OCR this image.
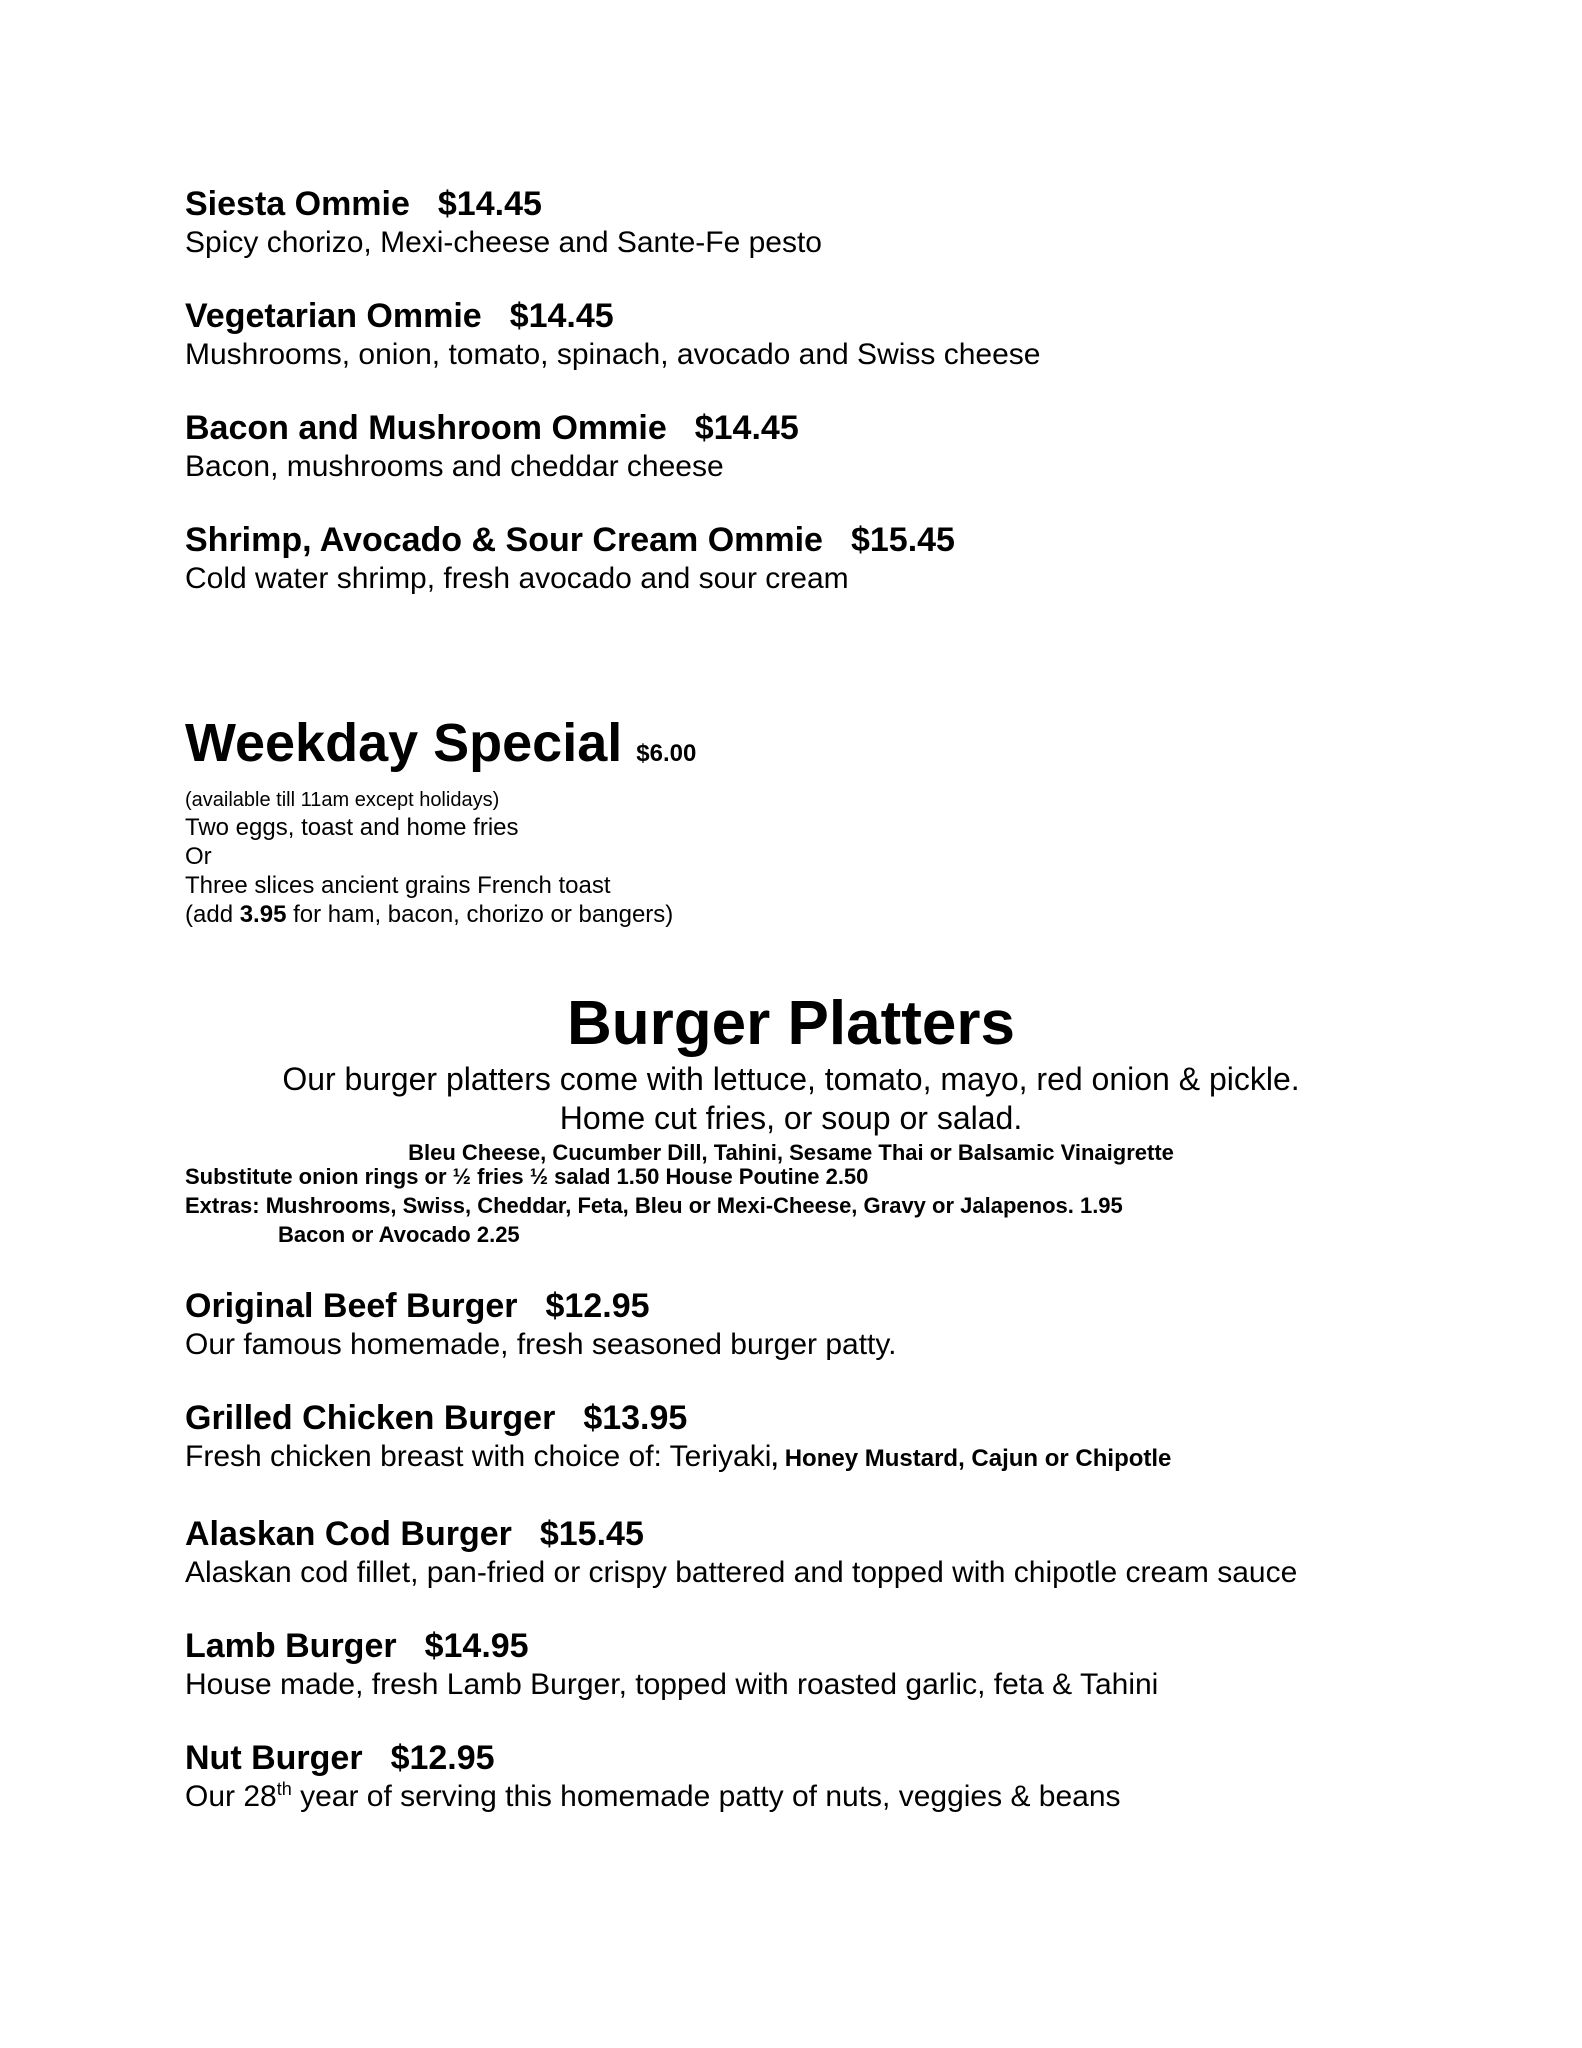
Siesta Ommie $14.45
Spicy chorizo, Mexi-cheese and Sante-Fe pesto
Vegetarian Ommie $14.45
Mushrooms, onion, tomato, spinach, avocado and Swiss cheese
Bacon and Mushroom Ommie $14.45
Bacon, mushrooms and cheddar cheese
Shrimp, Avocado & Sour Cream Ommie $15.45
Cold water shrimp, fresh avocado and sour cream
Weekday Special $6.00
(available till 11am except holidays)
Two eggs, toast and home fries
Or
Three slices ancient grains French toast
(add 3.95 for ham, bacon, chorizo or bangers)
Burger Platters
Our burger platters come with lettuce, tomato, mayo, red onion & pickle.
Home cut fries, or soup or salad.
Bleu Cheese, Cucumber Dill, Tahini, Sesame Thai or Balsamic Vinaigrette
Substitute onion rings or ½ fries ½ salad 1.50 House Poutine 2.50
Extras: Mushrooms, Swiss, Cheddar, Feta, Bleu or Mexi-Cheese, Gravy or Jalapenos. 1.95
Bacon or Avocado 2.25
Original Beef Burger $12.95
Our famous homemade, fresh seasoned burger patty.
Grilled Chicken Burger $13.95
Fresh chicken breast with choice of: Teriyaki, Honey Mustard, Cajun or Chipotle
Alaskan Cod Burger $15.45
Alaskan cod fillet, pan-fried or crispy battered and topped with chipotle cream sauce
Lamb Burger $14.95
House made, fresh Lamb Burger, topped with roasted garlic, feta & Tahini
Nut Burger $12.95
Our 28th year of serving this homemade patty of nuts, veggies & beans
